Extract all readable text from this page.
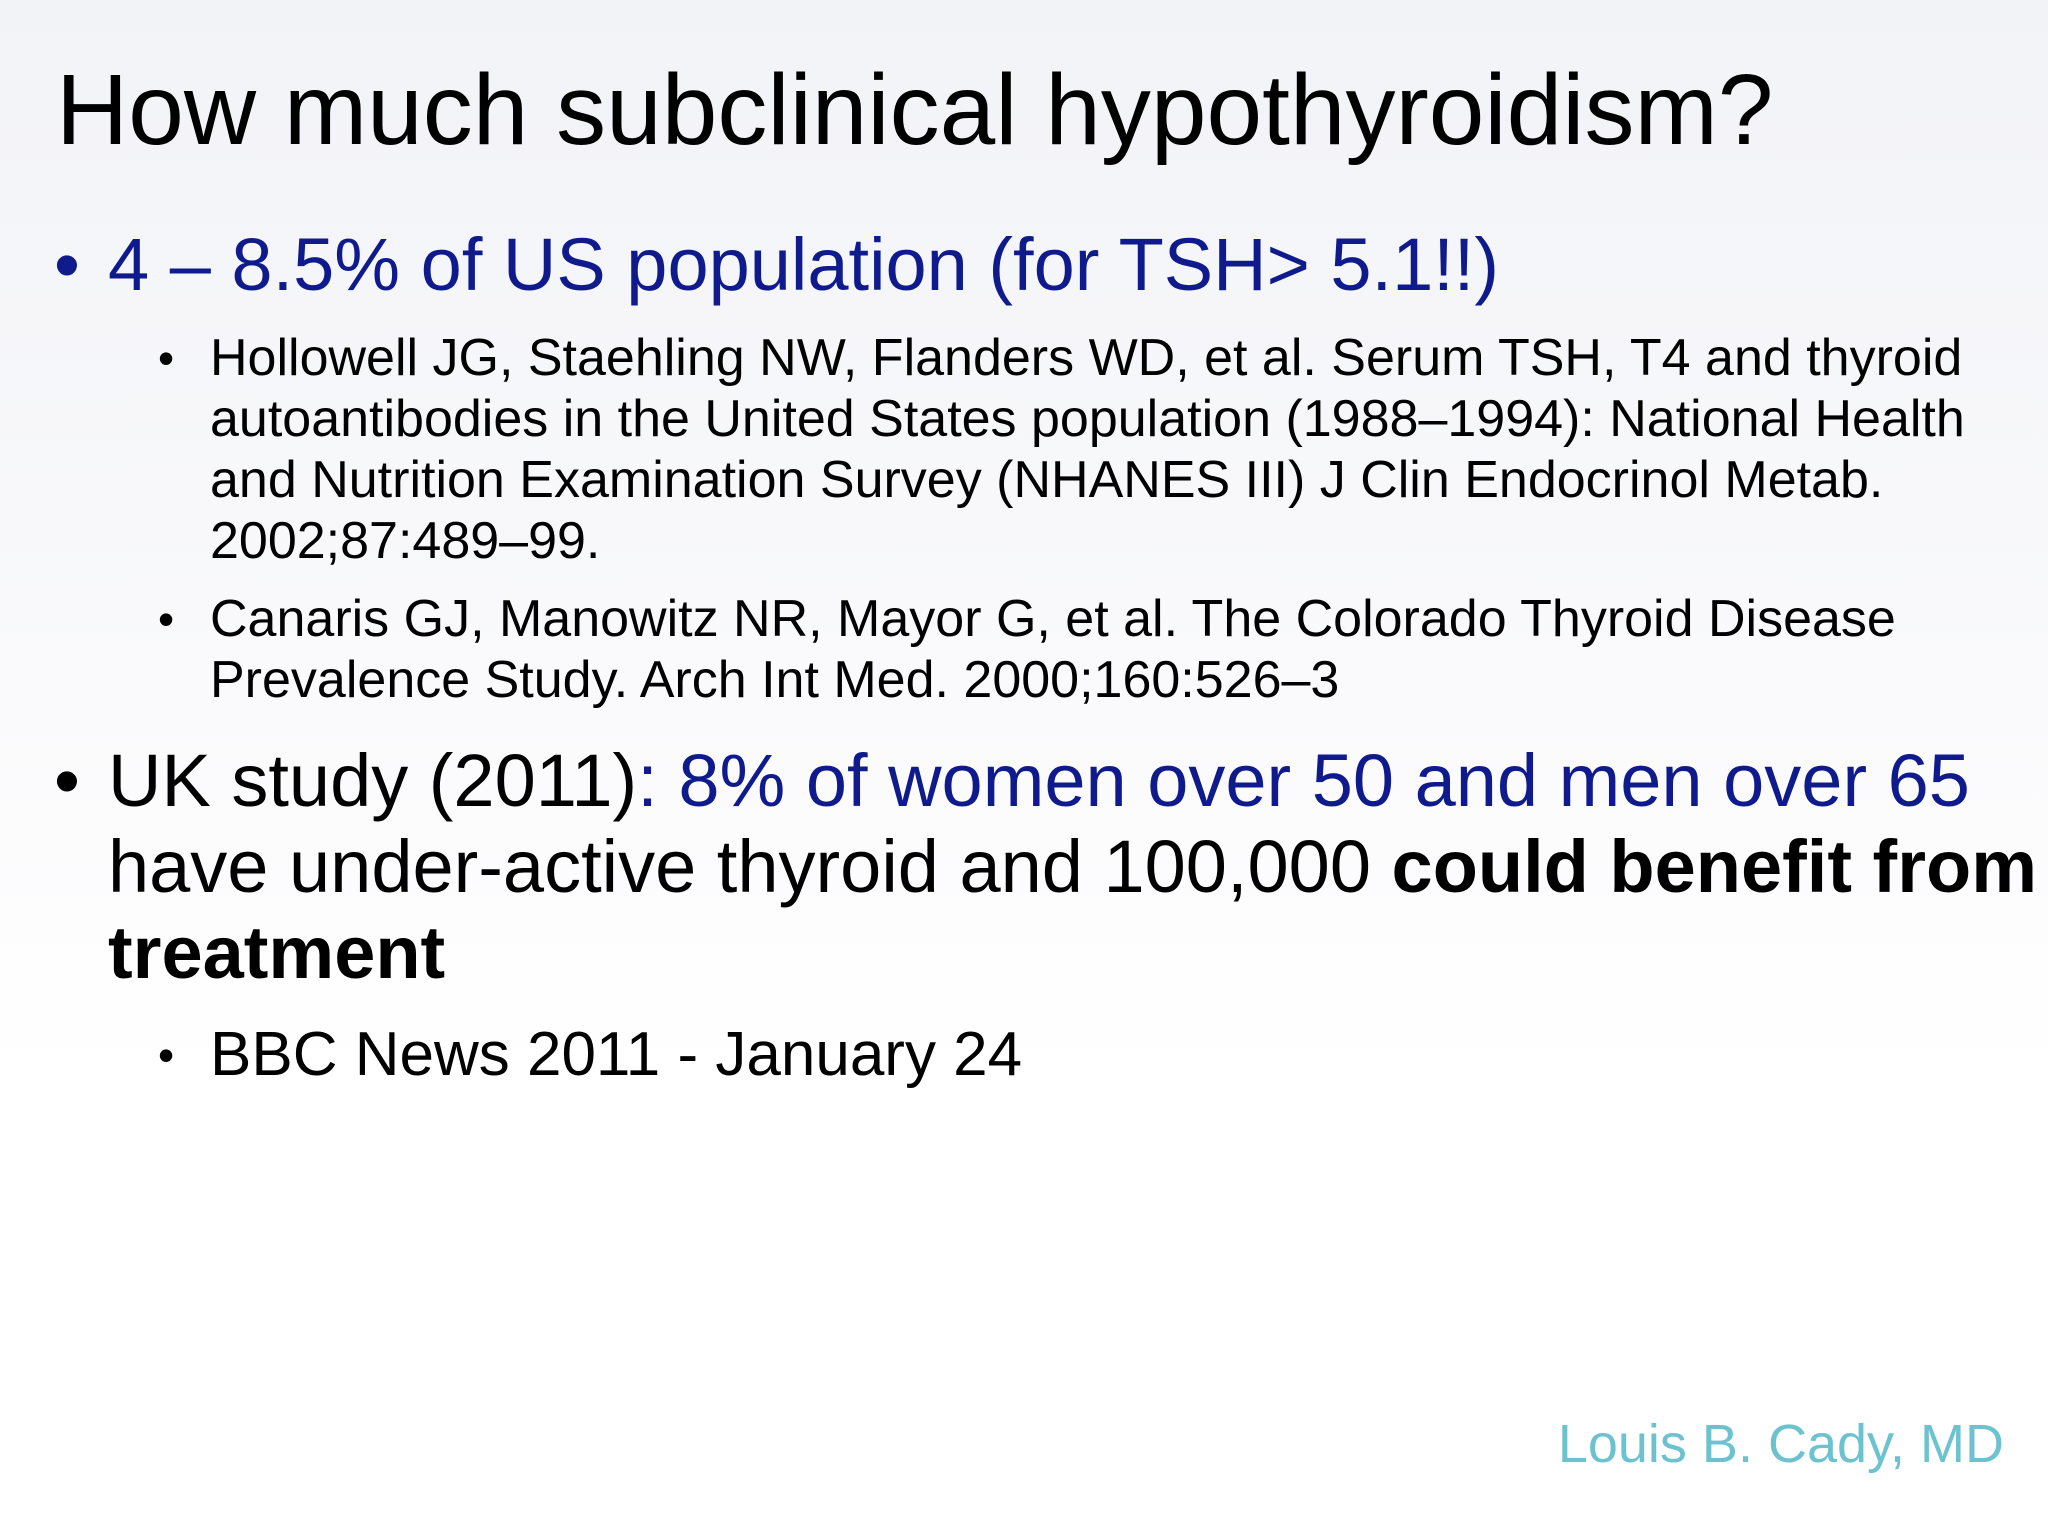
How much subclinical hypothyroidism?
• 4 – 8.5% of US population (for TSH> 5.1!!)
• Hollowell JG, Staehling NW, Flanders WD, et al. Serum TSH, T4 and thyroid autoantibodies in the United States population (1988–1994): National Health and Nutrition Examination Survey (NHANES III) J Clin Endocrinol Metab. 2002;87:489–99.
• Canaris GJ, Manowitz NR, Mayor G, et al. The Colorado Thyroid Disease Prevalence Study. Arch Int Med. 2000;160:526–3
• UK study (2011): 8% of women over 50 and men over 65 have under-active thyroid and 100,000 could benefit from treatment
• BBC News 2011 - January 24
Louis B. Cady, MD
